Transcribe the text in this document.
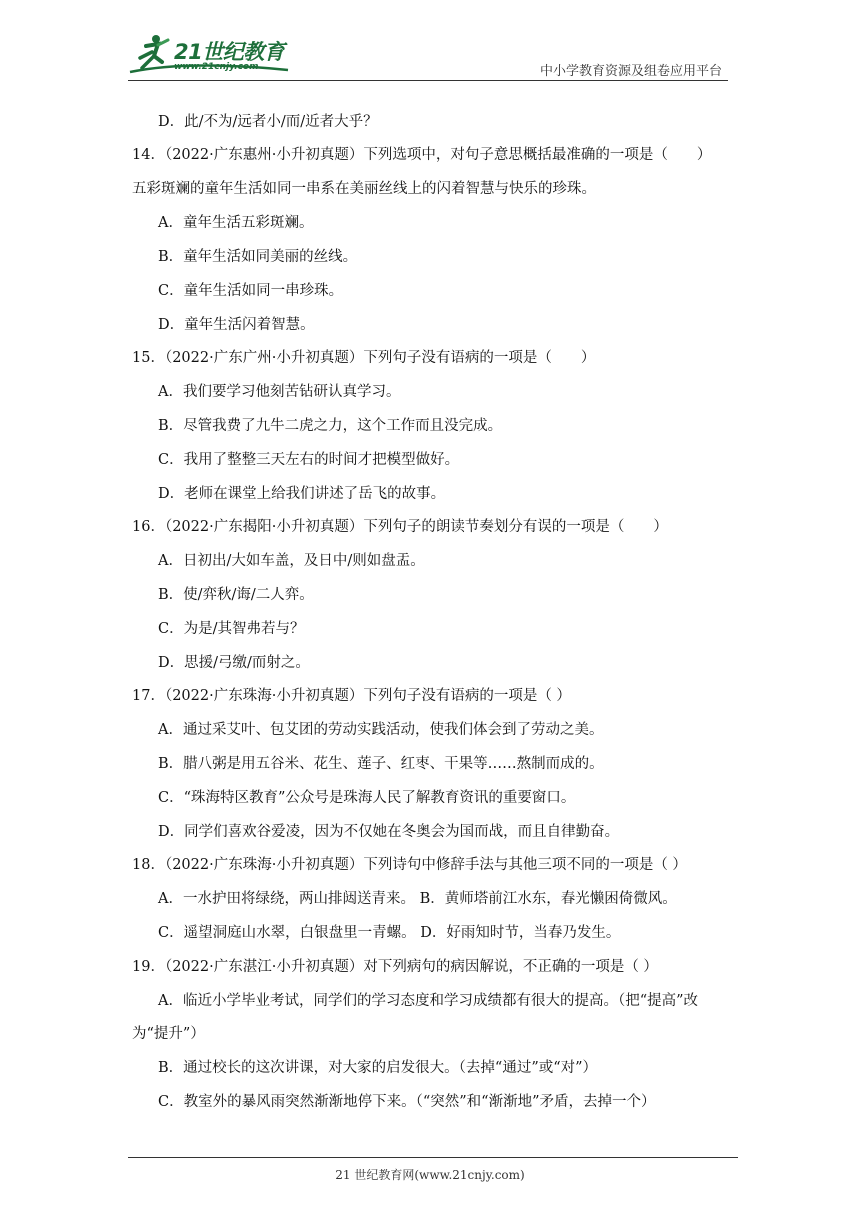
21世纪教育
www.21cnjy.com	中小学教育资源及组卷应用平台
D．此/不为/远者小/而/近者大乎？
14．（2022·广东惠州·小升初真题）下列选项中，对句子意思概括最准确的一项是（　　）
五彩斑斓的童年生活如同一串系在美丽丝线上的闪着智慧与快乐的珍珠。
A．童年生活五彩斑斓。
B．童年生活如同美丽的丝线。
C．童年生活如同一串珍珠。
D．童年生活闪着智慧。
15．（2022·广东广州·小升初真题）下列句子没有语病的一项是（　　）
A．我们要学习他刻苦钻研认真学习。
B．尽管我费了九牛二虎之力，这个工作而且没完成。
C．我用了整整三天左右的时间才把模型做好。
D．老师在课堂上给我们讲述了岳飞的故事。
16．（2022·广东揭阳·小升初真题）下列句子的朗读节奏划分有误的一项是（　　）
A．日初出/大如车盖，及日中/则如盘盂。
B．使/弈秋/诲/二人弈。
C．为是/其智弗若与？
D．思援/弓缴/而射之。
17．（2022·广东珠海·小升初真题）下列句子没有语病的一项是（ ）
A．通过采艾叶、包艾团的劳动实践活动，使我们体会到了劳动之美。
B．腊八粥是用五谷米、花生、莲子、红枣、干果等……熬制而成的。
C．“珠海特区教育”公众号是珠海人民了解教育资讯的重要窗口。
D．同学们喜欢谷爱凌，因为不仅她在冬奥会为国而战，而且自律勤奋。
18．（2022·广东珠海·小升初真题）下列诗句中修辞手法与其他三项不同的一项是（ ）
A．一水护田将绿绕，两山排闼送青来。 B．黄师塔前江水东，春光懒困倚微风。
C．遥望洞庭山水翠，白银盘里一青螺。 D．好雨知时节，当春乃发生。
19．（2022·广东湛江·小升初真题）对下列病句的病因解说，不正确的一项是（ ）
A．临近小学毕业考试，同学们的学习态度和学习成绩都有很大的提高。（把“提高”改
为“提升”）
B．通过校长的这次讲课，对大家的启发很大。（去掉“通过”或“对”）
C．教室外的暴风雨突然渐渐地停下来。（“突然”和“渐渐地”矛盾，去掉一个）
21 世纪教育网(www.21cnjy.com)
